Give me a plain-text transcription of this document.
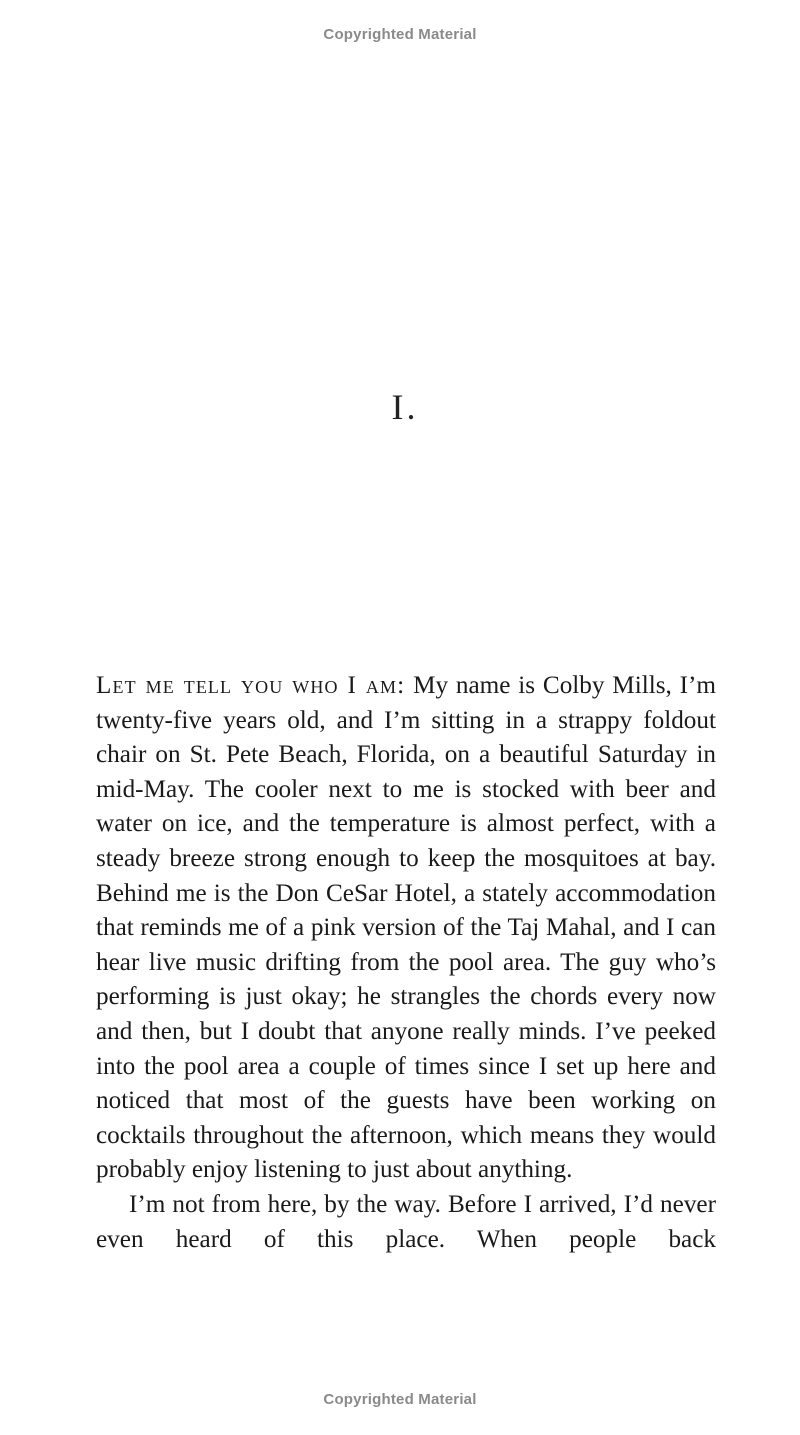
Copyrighted Material
I.

Let me tell you who I am: My name is Colby Mills, I’m twenty-five years old, and I’m sitting in a strappy foldout chair on St. Pete Beach, Florida, on a beautiful Saturday in mid-May. The cooler next to me is stocked with beer and water on ice, and the temperature is almost perfect, with a steady breeze strong enough to keep the mosquitoes at bay. Behind me is the Don CeSar Hotel, a stately accommodation that reminds me of a pink version of the Taj Mahal, and I can hear live music drifting from the pool area. The guy who’s performing is just okay; he strangles the chords every now and then, but I doubt that anyone really minds. I’ve peeked into the pool area a couple of times since I set up here and noticed that most of the guests have been working on cocktails throughout the afternoon, which means they would probably enjoy listening to just about anything.

I’m not from here, by the way. Before I arrived, I’d never even heard of this place. When people back

Copyrighted Material
